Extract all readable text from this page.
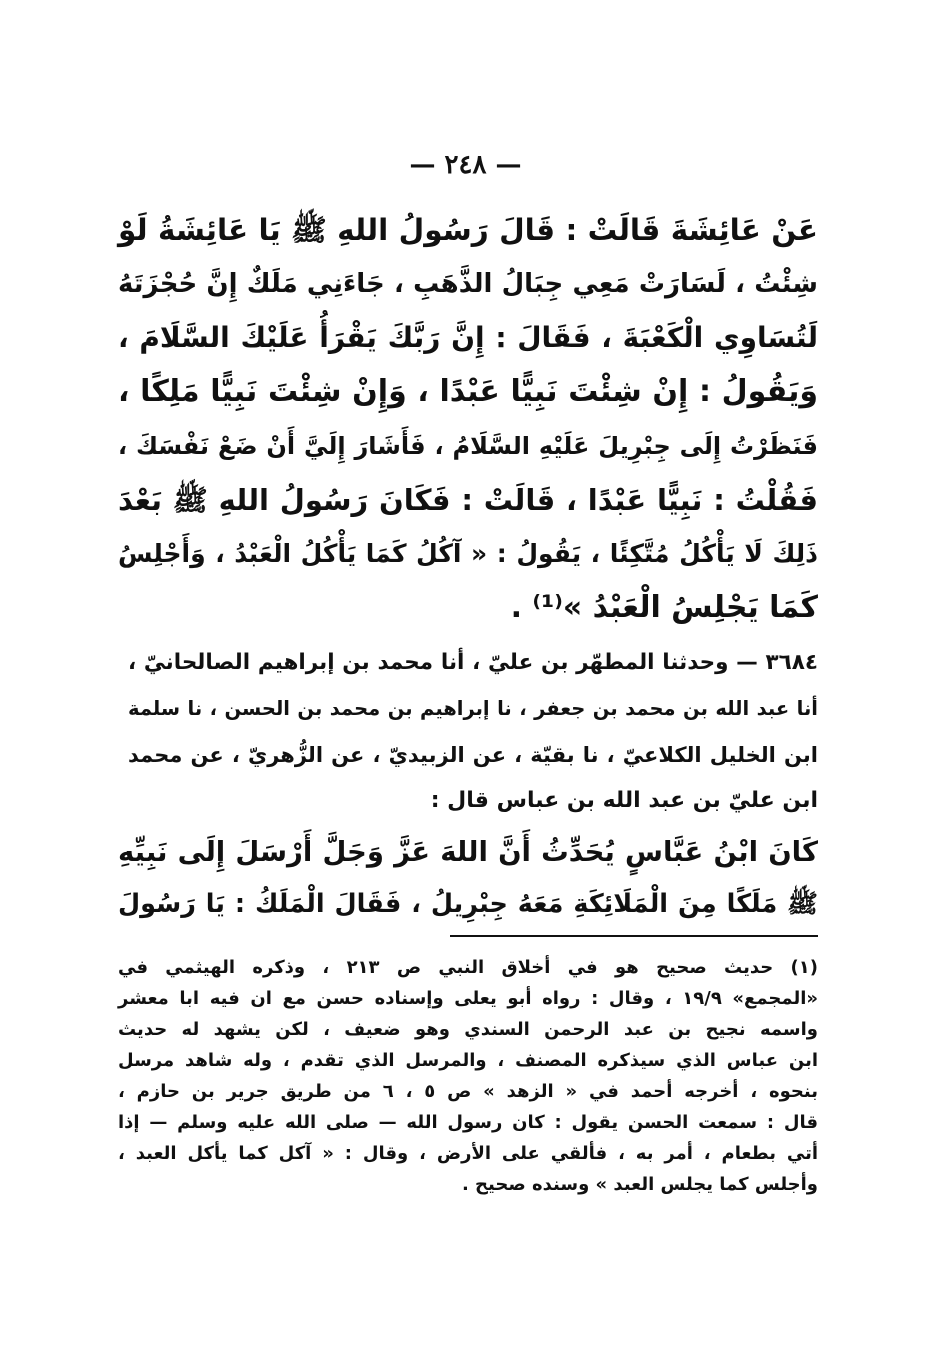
— ٢٤٨ —
عَنْ عَائِشَةَ قَالَتْ : قَالَ رَسُولُ اللهِ ﷺ يَا عَائِشَةُ لَوْ
شِئْتُ ، لَسَارَتْ مَعِي جِبَالُ الذَّهَبِ ، جَاءَنِي مَلَكٌ إِنَّ حُجْزَتَهُ
لَتُسَاوِي الْكَعْبَةَ ، فَقَالَ : إِنَّ رَبَّكَ يَقْرَأُ عَلَيْكَ السَّلَامَ ،
وَيَقُولُ : إِنْ شِئْتَ نَبِيًّا عَبْدًا ، وَإِنْ شِئْتَ نَبِيًّا مَلِكًا ،
فَنَظَرْتُ إِلَى جِبْرِيلَ عَلَيْهِ السَّلَامُ ، فَأَشَارَ إِلَيَّ أَنْ ضَعْ نَفْسَكَ ،
فَقُلْتُ : نَبِيًّا عَبْدًا ، قَالَتْ : فَكَانَ رَسُولُ اللهِ ﷺ بَعْدَ
ذَلِكَ لَا يَأْكُلُ مُتَّكِئًا ، يَقُولُ : « آكُلُ كَمَا يَأْكُلُ الْعَبْدُ ، وَأَجْلِسُ
كَمَا يَجْلِسُ الْعَبْدُ »⁽¹⁾ .
٣٦٨٤ — وحدثنا المطهّر بن عليّ ، أنا محمد بن إبراهيم الصالحانيّ ،
أنا عبد الله بن محمد بن جعفر ، نا إبراهيم بن محمد بن الحسن ، نا سلمة
ابن الخليل الكلاعيّ ، نا بقيّة ، عن الزبيديّ ، عن الزُّهريّ ، عن محمد
ابن عليّ بن عبد الله بن عباس قال :
كَانَ ابْنُ عَبَّاسٍ يُحَدِّثُ أَنَّ اللهَ عَزَّ وَجَلَّ أَرْسَلَ إِلَى نَبِيِّهِ
ﷺ مَلَكًا مِنَ الْمَلَائِكَةِ مَعَهُ جِبْرِيلُ ، فَقَالَ الْمَلَكُ : يَا رَسُولَ
(١) حديث صحيح هو في أخلاق النبي ص ٢١٣ ، وذكره الهيثمي في
«المجمع» ١٩/٩ ، وقال : رواه أبو يعلى وإسناده حسن مع ان فيه ابا معشر
واسمه نجيح بن عبد الرحمن السندي وهو ضعيف ، لكن يشهد له حديث
ابن عباس الذي سيذكره المصنف ، والمرسل الذي تقدم ، وله شاهد مرسل
بنحوه ، أخرجه أحمد في « الزهد » ص ٥ ، ٦ من طريق جرير بن حازم ،
قال : سمعت الحسن يقول : كان رسول الله — صلى الله عليه وسلم — إذا
أتي بطعام ، أمر به ، فألقي على الأرض ، وقال : « آكل كما يأكل العبد ،
وأجلس كما يجلس العبد » وسنده صحيح .
